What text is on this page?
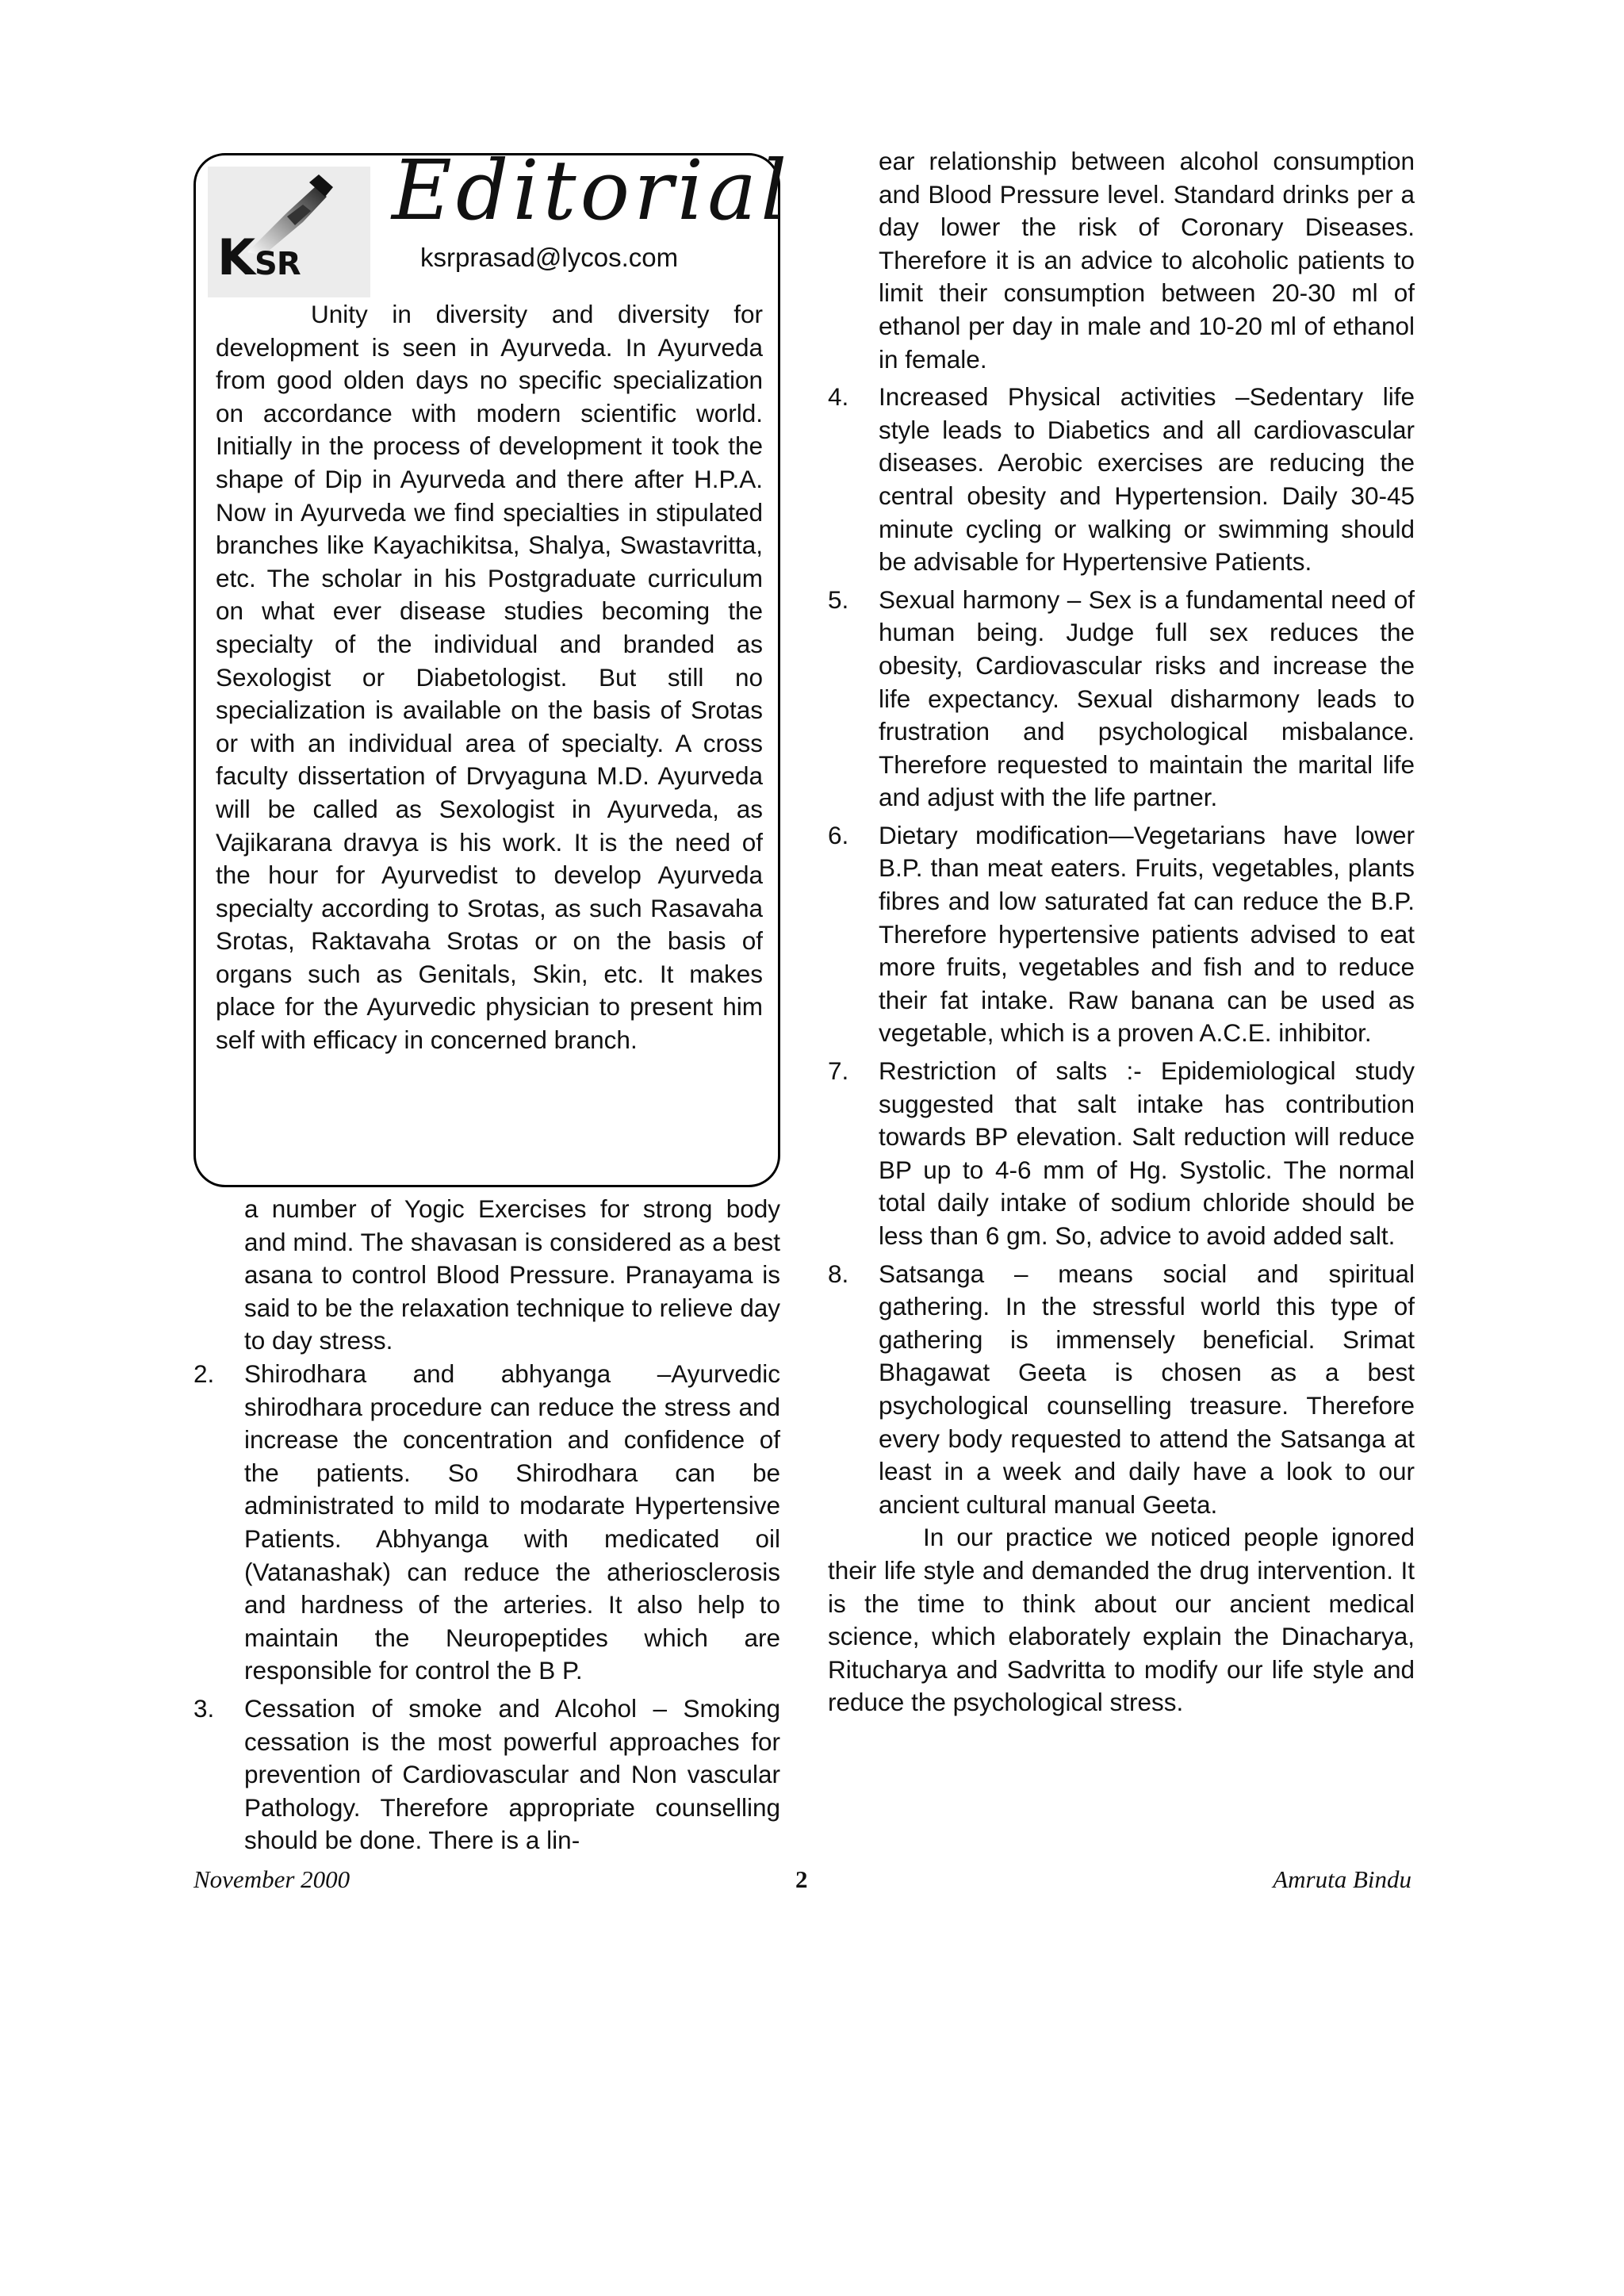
KSR
Editorial
ksrprasad@lycos.com

Unity in diversity and diversity for development is seen in Ayurveda. In Ayurveda from good olden days no specific specialization on accordance with modern scientific world. Initially in the process of development it took the shape of Dip in Ayurveda and there after H.P.A. Now in Ayurveda we find specialties in stipulated branches like Kayachikitsa, Shalya, Swastavritta, etc. The scholar in his Postgraduate curriculum on what ever disease studies becoming the specialty of the individual and branded as Sexologist or Diabetologist. But still no specialization is available on the basis of Srotas or with an individual area of specialty. A cross faculty dissertation of Drvyaguna M.D. Ayurveda will be called as Sexologist in Ayurveda, as Vajikarana dravya is his work. It is the need of the hour for Ayurvedist to develop Ayurveda specialty according to Srotas, as such Rasavaha Srotas, Raktavaha Srotas or on the basis of organs such as Genitals, Skin, etc. It makes place for the Ayurvedic physician to present him self with efficacy in concerned branch.

a number of Yogic Exercises for strong body and mind. The shavasan is considered as a best asana to control Blood Pressure. Pranayama is said to be the relaxation technique to relieve day to day stress.

2. Shirodhara and abhyanga –Ayurvedic shirodhara procedure can reduce the stress and increase the concentration and confidence of the patients. So Shirodhara can be administrated to mild to modarate Hypertensive Patients. Abhyanga with medicated oil (Vatanashak) can reduce the atheriosclerosis and hardness of the arteries. It also help to maintain the Neuropeptides which are responsible for control the B P.

3. Cessation of smoke and Alcohol – Smoking cessation is the most powerful approaches for prevention of Cardiovascular and Non vascular Pathology. Therefore appropriate counselling should be done. There is a lin-

ear relationship between alcohol consumption and Blood Pressure level. Standard drinks per a day lower the risk of Coronary Diseases. Therefore it is an advice to alcoholic patients to limit their consumption between 20-30 ml of ethanol per day in male and 10-20 ml of ethanol in female.

4. Increased Physical activities –Sedentary life style leads to Diabetics and all cardiovascular diseases. Aerobic exercises are reducing the central obesity and Hypertension. Daily 30-45 minute cycling or walking or swimming should be advisable for Hypertensive Patients.

5. Sexual harmony – Sex is a fundamental need of human being. Judge full sex reduces the obesity, Cardiovascular risks and increase the life expectancy. Sexual disharmony leads to frustration and psychological misbalance. Therefore requested to maintain the marital life and adjust with the life partner.

6. Dietary modification—Vegetarians have lower B.P. than meat eaters. Fruits, vegetables, plants fibres and low saturated fat can reduce the B.P. Therefore hypertensive patients advised to eat more fruits, vegetables and fish and to reduce their fat intake. Raw banana can be used as vegetable, which is a proven A.C.E. inhibitor.

7. Restriction of salts :- Epidemiological study suggested that salt intake has contribution towards BP elevation. Salt reduction will reduce BP up to 4-6 mm of Hg. Systolic. The normal total daily intake of sodium chloride should be less than 6 gm. So, advice to avoid added salt.

8. Satsanga – means social and spiritual gathering. In the stressful world this type of gathering is immensely beneficial. Srimat Bhagawat Geeta is chosen as a best psychological counselling treasure. Therefore every body requested to attend the Satsanga at least in a week and daily have a look to our ancient cultural manual Geeta.

In our practice we noticed people ignored their life style and demanded the drug intervention. It is the time to think about our ancient medical science, which elaborately explain the Dinacharya, Ritucharya and Sadvritta to modify our life style and reduce the psychological stress.

November 2000	2	Amruta Bindu
